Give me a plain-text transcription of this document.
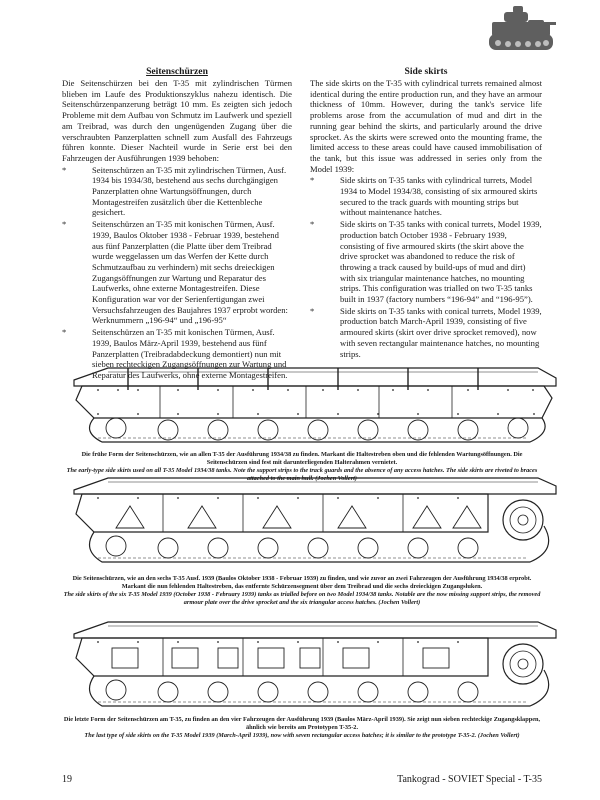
Seitenschürzen

Die Seitenschürzen bei den T-35 mit zylindrischen Türmen blieben im Laufe des Produktionszyklus nahezu identisch. Die Seitenschürzenpanzerung beträgt 10 mm. Es zeigten sich jedoch Probleme mit dem Aufbau von Schmutz im Laufwerk und speziell am Treibrad, was durch den ungenügenden Zugang über die verschraubten Panzerplatten schnell zum Ausfall des Fahrzeugs führen konnte. Dieser Nachteil wurde in Serie erst bei den Fahrzeugen der Ausführungen 1939 behoben:

*	Seitenschürzen an T-35 mit zylindrischen Türmen, Ausf. 1934 bis 1934/38, bestehend aus sechs durchgängigen Panzerplatten ohne Wartungsöffnungen, durch Montagestreifen zusätzlich über die Kettenbleche gesichert.
*	Seitenschürzen an T-35 mit konischen Türmen, Ausf. 1939, Baulos Oktober 1938 - Februar 1939, bestehend aus fünf Panzerplatten (die Platte über dem Treibrad wurde weggelassen um das Werfen der Kette durch Schmutzaufbau zu verhindern) mit sechs dreieckigen Zugangsöffnungen zur Wartung und Reparatur des Laufwerks, ohne externe Montagestreifen. Diese Konfiguration war vor der Serienfertigungan zwei Versuchsfahrzeugen des Baujahres 1937 erprobt worden: Werknummern „196-94“ und „196-95“
*	Seitenschürzen an T-35 mit konischen Türmen, Ausf. 1939, Baulos März-April 1939, bestehend aus fünf Panzerplatten (Treibradabdeckung demontiert) nun mit sieben rechteckigen Zugangsöffnungen zur Wartung und Reparatur des Laufwerks, ohne externe Montagestreifen.
Side skirts

The side skirts on the T-35 with cylindrical turrets remained almost identical during the entire production run, and they have an armour thickness of 10mm. However, during the tank's service life problems arose from the accumulation of mud and dirt in the running gear behind the skirts, and particularly around the drive sprocket. As the skirts were screwed onto the mounting frame, the limited access to these areas could have caused immobilisation of the tank, but this issue was addressed in series only from the Model 1939:

*	Side skirts on T-35 tanks with cylindrical turrets, Model 1934 to Model 1934/38, consisting of six armoured skirts secured to the track guards with mounting strips but without maintenance hatches.
*	Side skirts on T-35 tanks with conical turrets, Model 1939, production batch October 1938 - February 1939, consisting of five armoured skirts (the skirt above the drive sprocket was abandoned to reduce the risk of throwing a track caused by build-ups of mud and dirt) with six triangular maintenance hatches, no mounting strips. This configuration was trialled on two T-35 tanks built in 1937 (factory numbers “196-94” and “196-95”).
*	Side skirts on T-35 tanks with conical turrets, Model 1939, production batch March-April 1939, consisting of five armoured skirts (skirt over drive sprocket removed), now with seven rectangular maintenance hatches, no mounting strips.
Die frühe Form der Seitenschürzen, wie an allen T-35 der Ausführung 1934/38 zu finden. Markant die Haltestreben oben und die fehlenden Wartungsöffnungen. Die Seitenschürzen sind fest mit darunterliegenden Halterahmen vernietet.
The early-type side skirts used on all T-35 Model 1934/38 tanks. Note the support strips to the track guards and the absence of any access hatches. The side skirts are riveted to braces attached to the main hull. (Jochen Vollert)
Die Seitenschürzen, wie an den sechs T-35 Ausf. 1939 (Baulos Oktober 1938 - Februar 1939) zu finden, und wie zuvor an zwei Fahrzeugen der Ausführung 1934/38 erprobt. Markant die nun fehlenden Haltestreben, das entfernte Schürzensegment über dem Treibrad und die sechs dreieckigen Zugangsluken.
The side skirts of the six T-35 Model 1939 (October 1938 - February 1939) tanks as trialled before on two Model 1934/38 tanks. Notable are the now missing support strips, the removed armour plate over the drive sprocket and the six triangular access hatches. (Jochen Vollert)
Die letzte Form der Seitenschürzen am T-35, zu finden an den vier Fahrzeugen der Ausführung 1939 (Baulos März-April 1939). Sie zeigt nun sieben rechteckige Zugangsklappen, ähnlich wie bereits am Prototypen T-35-2.
The last type of side skirts on the T-35 Model 1939 (March-April 1939), now with seven rectangular access hatches; it is similar to the prototype T-35-2. (Jochen Vollert)
19	Tankograd - SOVIET Special - T-35
